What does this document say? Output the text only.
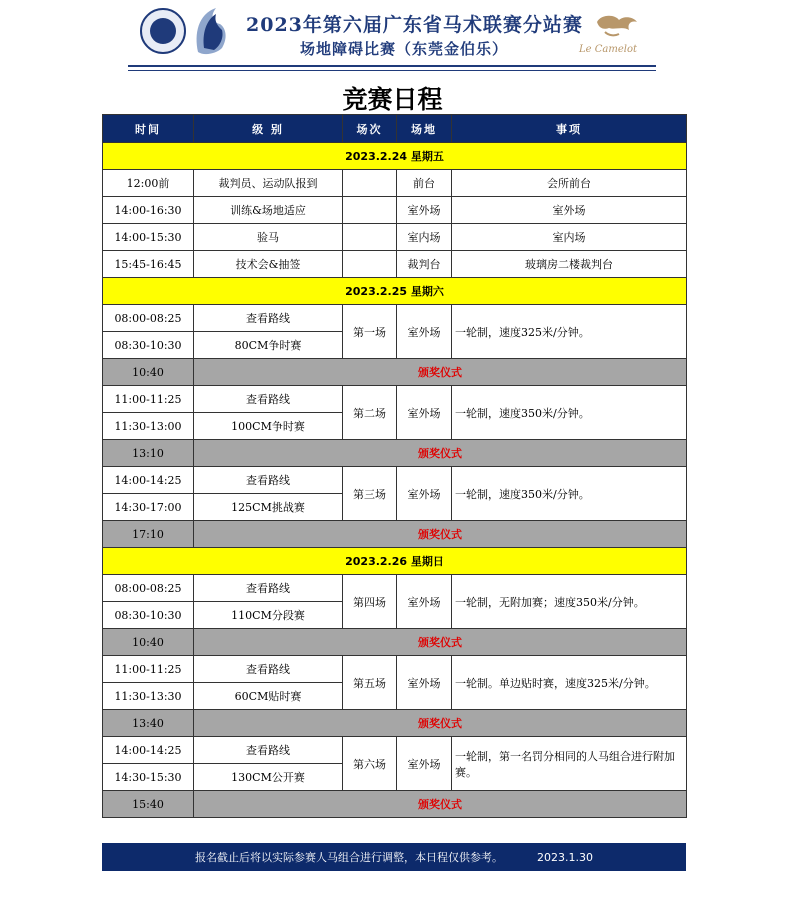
2023年第六届广东省马术联赛分站赛
场地障碍比赛（东莞金伯乐）	Le Camelot
竞赛日程
时间	级 别	场次	场地	事项
2023.2.24 星期五				
12:00前	裁判员、运动队报到		前台	会所前台
14:00-16:30	训练&场地适应		室外场	室外场
14:00-15:30	验马		室内场	室内场
15:45-16:45	技术会&抽签		裁判台	玻璃房二楼裁判台
2023.2.25 星期六				
08:00-08:25	查看路线	第一场	室外场	一轮制，速度325米/分钟。
08:30-10:30	80CM争时赛			
10:40	颁奖仪式			
11:00-11:25	查看路线	第二场	室外场	一轮制，速度350米/分钟。
11:30-13:00	100CM争时赛			
13:10	颁奖仪式			
14:00-14:25	查看路线	第三场	室外场	一轮制，速度350米/分钟。
14:30-17:00	125CM挑战赛			
17:10	颁奖仪式			
2023.2.26 星期日				
08:00-08:25	查看路线	第四场	室外场	一轮制，无附加赛；速度350米/分钟。
08:30-10:30	110CM分段赛			
10:40	颁奖仪式			
11:00-11:25	查看路线	第五场	室外场	一轮制。单边贴时赛，速度325米/分钟。
11:30-13:30	60CM贴时赛			
13:40	颁奖仪式			
14:00-14:25	查看路线	第六场	室外场	一轮制，第一名罚分相同的人马组合进行附加赛。
14:30-15:30	130CM公开赛			
15:40	颁奖仪式			
报名截止后将以实际参赛人马组合进行调整，本日程仅供参考。	2023.1.30
